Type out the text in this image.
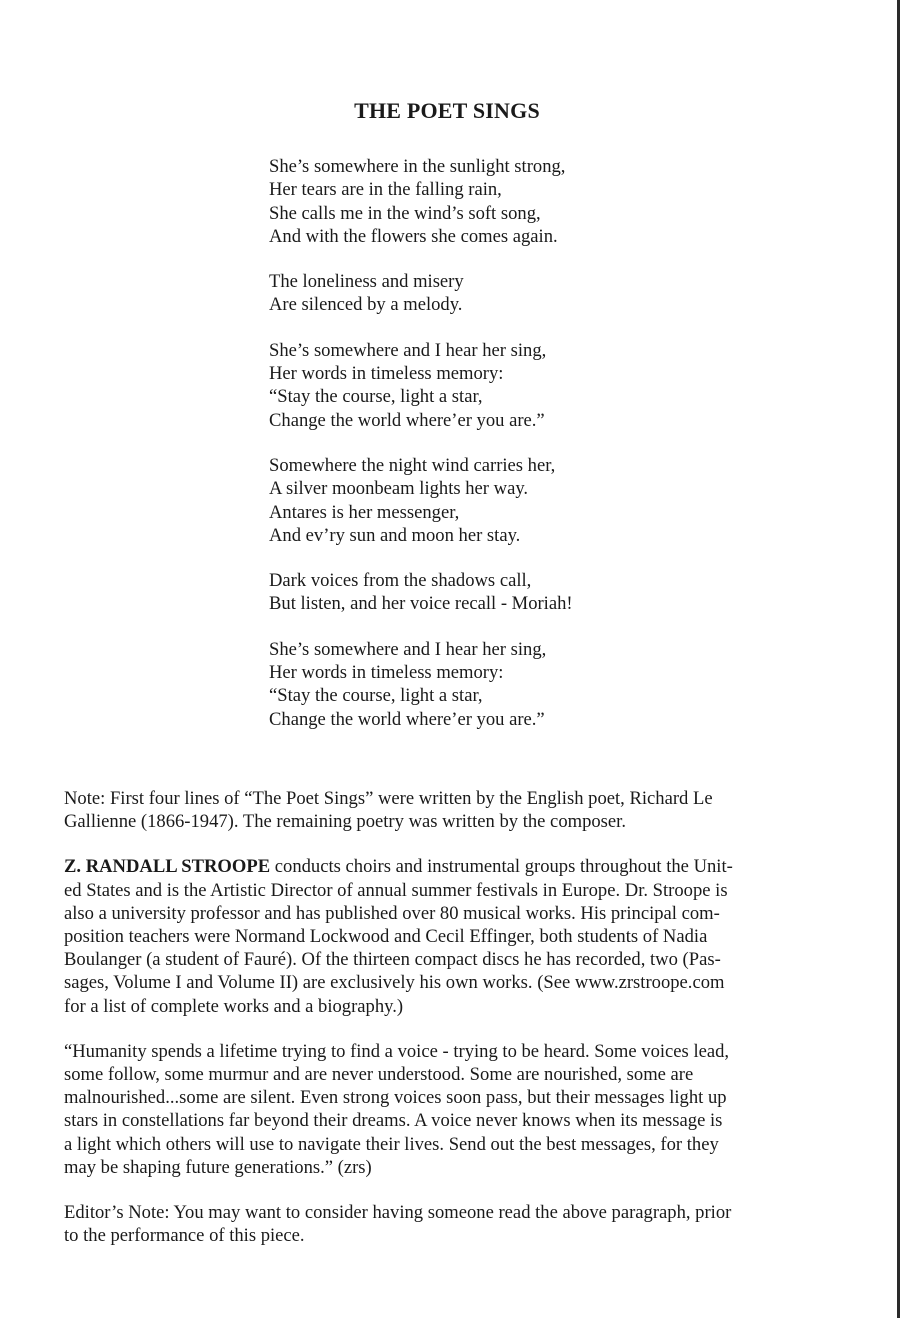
THE POET SINGS
She’s somewhere in the sunlight strong,
Her tears are in the falling rain,
She calls me in the wind’s soft song,
And with the flowers she comes again.
The loneliness and misery
Are silenced by a melody.
She’s somewhere and I hear her sing,
Her words in timeless memory:
“Stay the course, light a star,
Change the world where’er you are.”
Somewhere the night wind carries her,
A silver moonbeam lights her way.
Antares is her messenger,
And ev’ry sun and moon her stay.
Dark voices from the shadows call,
But listen, and her voice recall - Moriah!
She’s somewhere and I hear her sing,
Her words in timeless memory:
“Stay the course, light a star,
Change the world where’er you are.”
Note: First four lines of “The Poet Sings” were written by the English poet, Richard Le
Gallienne (1866-1947). The remaining poetry was written by the composer.
Z. RANDALL STROOPE conducts choirs and instrumental groups throughout the Unit-
ed States and is the Artistic Director of annual summer festivals in Europe. Dr. Stroope is
also a university professor and has published over 80 musical works. His principal com-
position teachers were Normand Lockwood and Cecil Effinger, both students of Nadia
Boulanger (a student of Fauré). Of the thirteen compact discs he has recorded, two (Pas-
sages, Volume I and Volume II) are exclusively his own works. (See www.zrstroope.com
for a list of complete works and a biography.)
“Humanity spends a lifetime trying to find a voice - trying to be heard. Some voices lead,
some follow, some murmur and are never understood. Some are nourished, some are
malnourished...some are silent. Even strong voices soon pass, but their messages light up
stars in constellations far beyond their dreams. A voice never knows when its message is
a light which others will use to navigate their lives. Send out the best messages, for they
may be shaping future generations.” (zrs)
Editor’s Note: You may want to consider having someone read the above paragraph, prior
to the performance of this piece.
